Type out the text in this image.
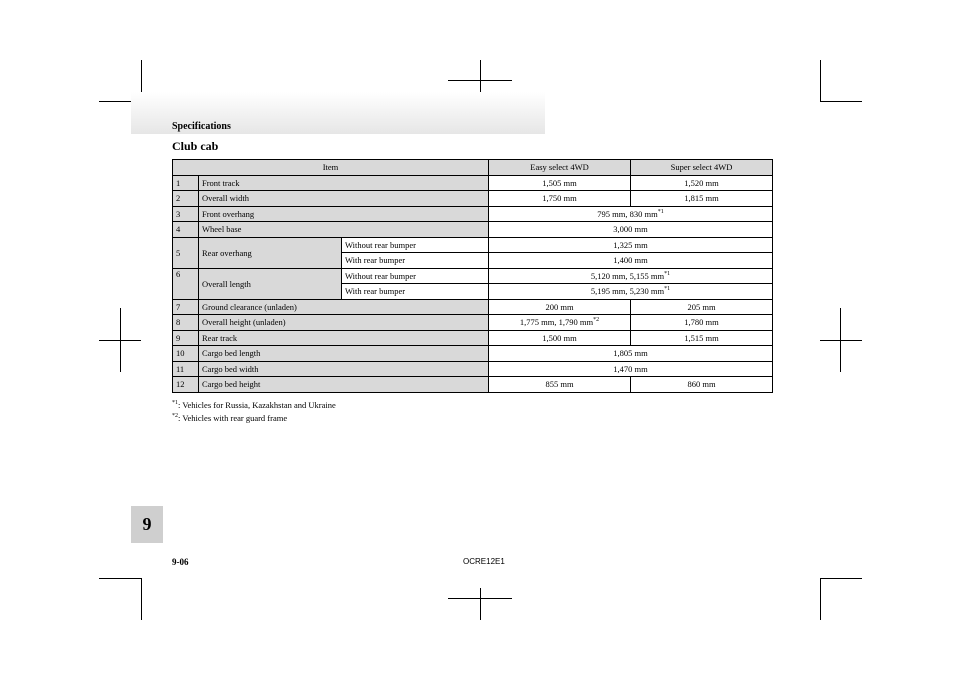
Specifications
Club cab
Item			Easy select 4WD	Super select 4WD
1	Front track		1,505 mm	1,520 mm
2	Overall width		1,750 mm	1,815 mm
3	Front overhang		795 mm, 830 $mm^{*1}$
4	Wheel base		3,000 mm	
5	Rear overhang	Without rear bumper	1,325 mm	
		With rear bumper	1,400 mm	
6	Overall length	Without rear bumper	5,120 mm, 5,155 $mm^{*1}$
		With rear bumper	5,195 mm, 5,230 $mm^{*1}$
7	Ground clearance (unladen)		200 mm	205 mm
8	Overall height (unladen)		1,775 mm, 1,790 $mm^{*2}$	1,780 mm
9	Rear track		1,500 mm	1,515 mm
10	Cargo bed length		1,805 mm	
11	Cargo bed width		1,470 mm	
12	Cargo bed height		855 mm	860 mm
$^{*1}$: Vehicles for Russia, Kazakhstan and Ukraine
$^{*2}$: Vehicles with rear guard frame
9
9-06	OCRE12E1
